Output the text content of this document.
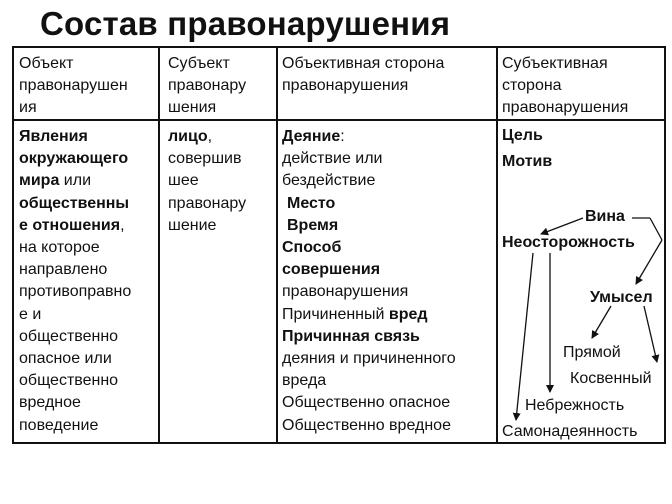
Состав правонарушения
Объект
правонарушен
ия
Субъект
правонару
шения
Объективная сторона
правонарушения
Субъективная
сторона
правонарушения
Явления
окружающего
мира или
общественны
е отношения,
на которое
направлено
противоправно
е и
общественно
опасное или
общественно
вредное
поведение
лицо,
совершив
шее
правонару
шение
Деяние:
действие или
бездействие
Место
Время
Способ
совершения
правонарушения
Причиненный вред
Причинная связь
деяния и причиненного
вреда
Общественно опасное
Общественно вредное
Цель
Мотив
Вина
Неосторожность
Умысел
Прямой
Косвенный
Небрежность
Самонадеянность
